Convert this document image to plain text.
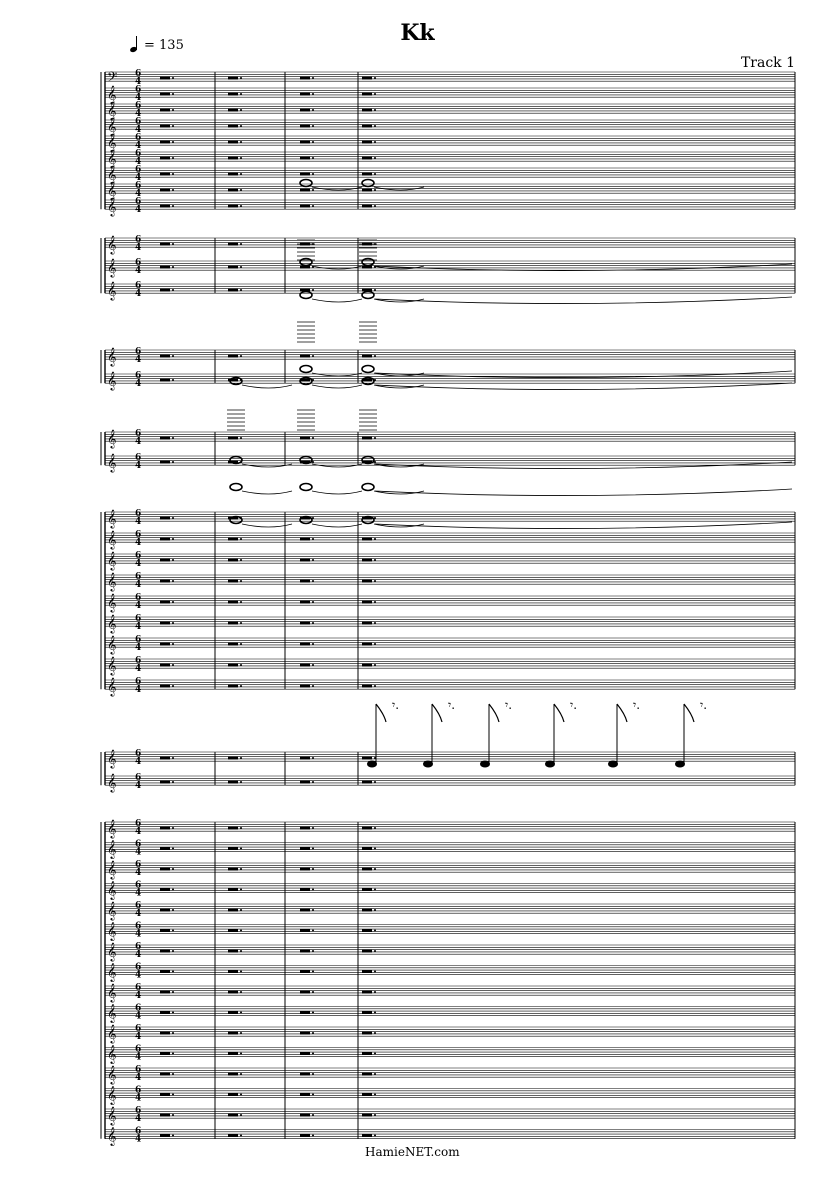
Kk
Track 1
= 135
HamieNET.com
𝄢 6
4
𝄞 6
4
𝄞 6
4
𝄞 6
4
𝄞 6
4
𝄞 6
4
𝄞 6
4
𝄞 6
4
𝄞 6
4
𝄞 6
4
𝄞 6
4
𝄞 6
4
𝄞 6
4
𝄞 6
4
𝄞 6
4
𝄞 6
4
𝄞 6
4
𝄞 6
4
𝄞 6
4
𝄞 6
4
𝄞 6
4
𝄞 6
4
𝄞 6
4
𝄞 6
4
𝄞 6
4
𝄞 6
4
𝄞 6
4
𝄞 6
4
𝄞 6
4
𝄞 6
4
𝄞 6
4
𝄞 6
4
𝄞 6
4
𝄞 6
4
𝄞 6
4
𝄞 6
4
𝄞 6
4
𝄞 6
4
𝄞 6
4
𝄞 6
4
𝄞 6
4
𝄞 6
4
𝄞 6
4
𝄾.	𝄾.	𝄾.	𝄾.	𝄾.	𝄾.
